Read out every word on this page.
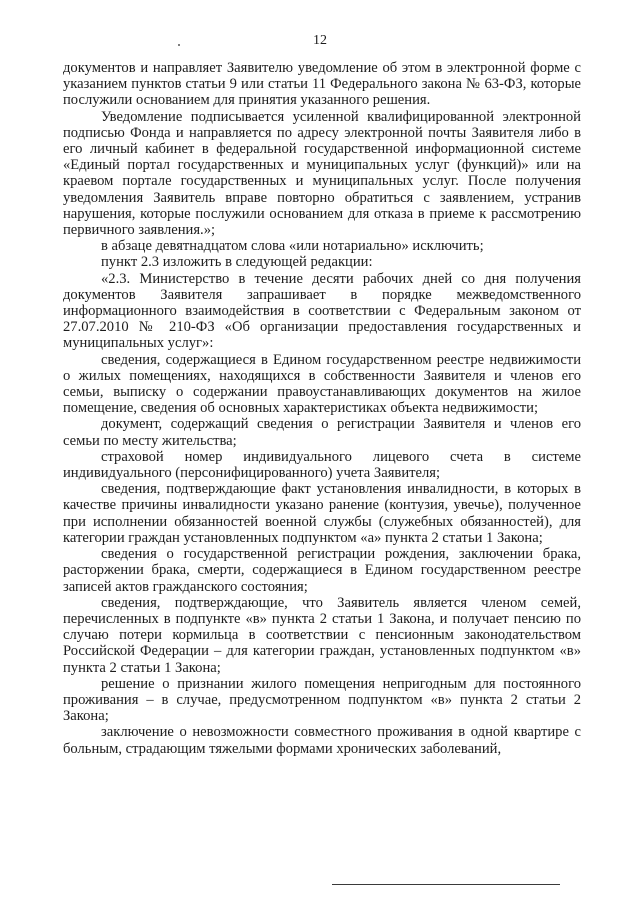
12

документов и направляет Заявителю уведомление об этом в электронной форме с указанием пунктов статьи 9 или статьи 11 Федерального закона № 63-ФЗ, которые послужили основанием для принятия указанного решения.

Уведомление подписывается усиленной квалифицированной электронной подписью Фонда и направляется по адресу электронной почты Заявителя либо в его личный кабинет в федеральной государственной информационной системе «Единый портал государственных и муниципальных услуг (функций)» или на краевом портале государственных и муниципальных услуг. После получения уведомления Заявитель вправе повторно обратиться с заявлением, устранив нарушения, которые послужили основанием для отказа в приеме к рассмотрению первичного заявления.»;

в абзаце девятнадцатом слова «или нотариально» исключить;

пункт 2.3 изложить в следующей редакции:

«2.3. Министерство в течение десяти рабочих дней со дня получения документов Заявителя запрашивает в порядке межведомственного информационного взаимодействия в соответствии с Федеральным законом от 27.07.2010 № 210-ФЗ «Об организации предоставления государственных и муниципальных услуг»:

сведения, содержащиеся в Едином государственном реестре недвижимости о жилых помещениях, находящихся в собственности Заявителя и членов его семьи, выписку о содержании правоустанавливающих документов на жилое помещение, сведения об основных характеристиках объекта недвижимости;

документ, содержащий сведения о регистрации Заявителя и членов его семьи по месту жительства;

страховой номер индивидуального лицевого счета в системе индивидуального (персонифицированного) учета Заявителя;

сведения, подтверждающие факт установления инвалидности, в которых в качестве причины инвалидности указано ранение (контузия, увечье), полученное при исполнении обязанностей военной службы (служебных обязанностей), для категории граждан установленных подпунктом «а» пункта 2 статьи 1 Закона;

сведения о государственной регистрации рождения, заключении брака, расторжении брака, смерти, содержащиеся в Едином государственном реестре записей актов гражданского состояния;

сведения, подтверждающие, что Заявитель является членом семей, перечисленных в подпункте «в» пункта 2 статьи 1 Закона, и получает пенсию по случаю потери кормильца в соответствии с пенсионным законодательством Российской Федерации – для категории граждан, установленных подпунктом «в» пункта 2 статьи 1 Закона;

решение о признании жилого помещения непригодным для постоянного проживания – в случае, предусмотренном подпунктом «в» пункта 2 статьи 2 Закона;

заключение о невозможности совместного проживания в одной квартире с больным, страдающим тяжелыми формами хронических заболеваний,
